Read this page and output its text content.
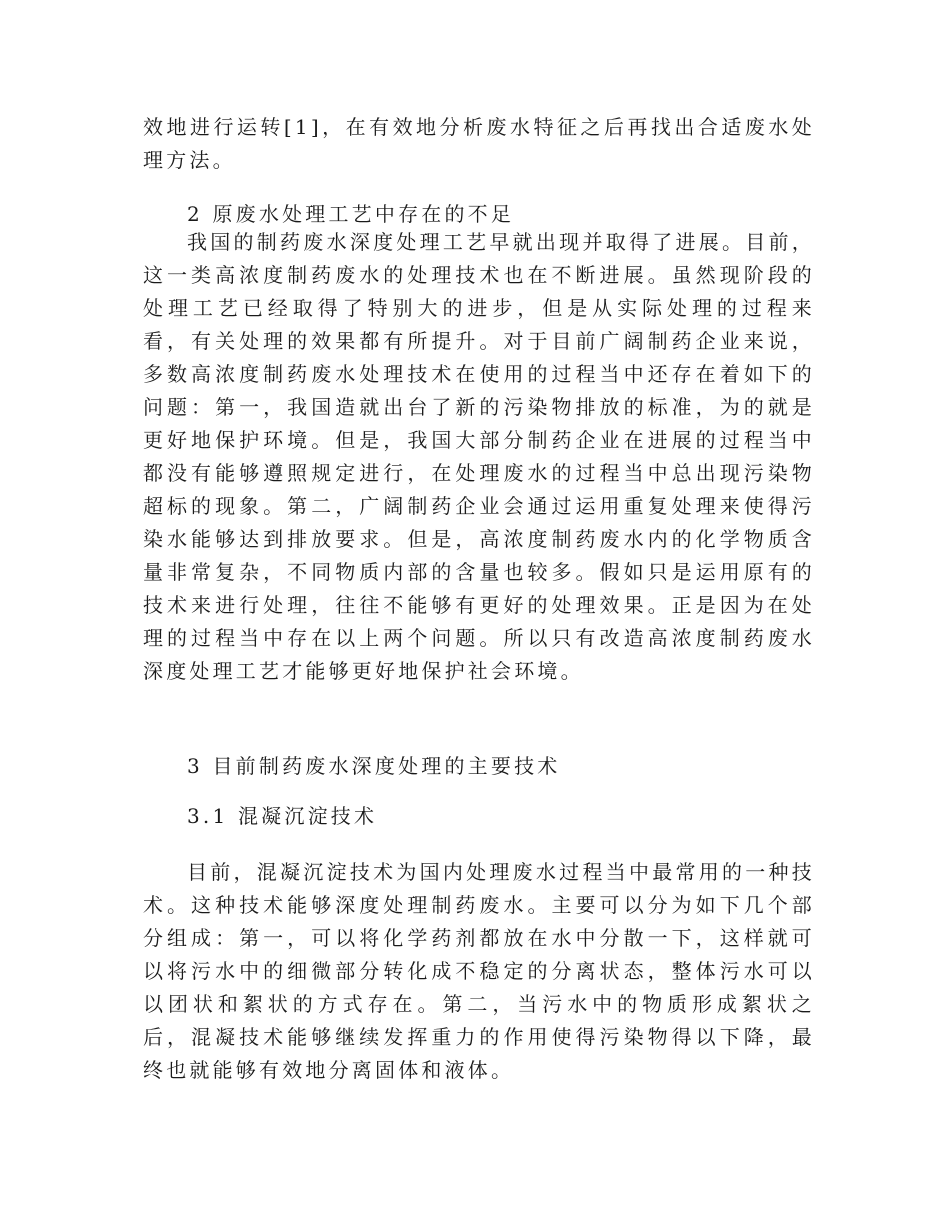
效地进行运转[1]，在有效地分析废水特征之后再找出合适废水处理方法。

2 原废水处理工艺中存在的不足

我国的制药废水深度处理工艺早就出现并取得了进展。目前，这一类高浓度制药废水的处理技术也在不断进展。虽然现阶段的处理工艺已经取得了特别大的进步，但是从实际处理的过程来看，有关处理的效果都有所提升。对于目前广阔制药企业来说，多数高浓度制药废水处理技术在使用的过程当中还存在着如下的问题：第一，我国造就出台了新的污染物排放的标准，为的就是更好地保护环境。但是，我国大部分制药企业在进展的过程当中都没有能够遵照规定进行，在处理废水的过程当中总出现污染物超标的现象。第二，广阔制药企业会通过运用重复处理来使得污染水能够达到排放要求。但是，高浓度制药废水内的化学物质含量非常复杂，不同物质内部的含量也较多。假如只是运用原有的技术来进行处理，往往不能够有更好的处理效果。正是因为在处理的过程当中存在以上两个问题。所以只有改造高浓度制药废水深度处理工艺才能够更好地保护社会环境。

3 目前制药废水深度处理的主要技术

3.1 混凝沉淀技术

目前，混凝沉淀技术为国内处理废水过程当中最常用的一种技术。这种技术能够深度处理制药废水。主要可以分为如下几个部分组成：第一，可以将化学药剂都放在水中分散一下，这样就可以将污水中的细微部分转化成不稳定的分离状态，整体污水可以以团状和絮状的方式存在。第二，当污水中的物质形成絮状之后，混凝技术能够继续发挥重力的作用使得污染物得以下降，最终也就能够有效地分离固体和液体。
